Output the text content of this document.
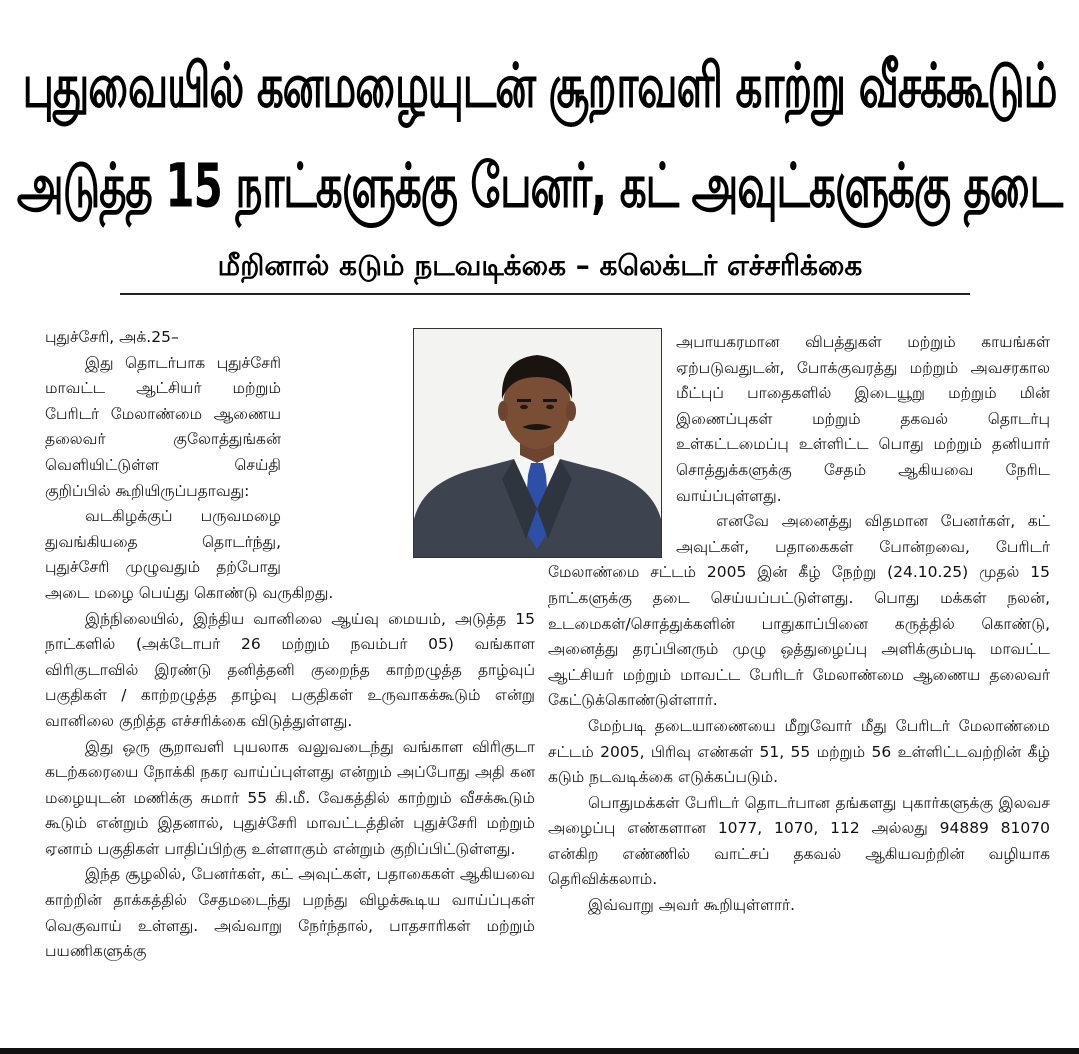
புதுவையில் கனமழையுடன் சூறாவளி காற்று வீசக்கூடும்
அடுத்த 15 நாட்களுக்கு பேனர், கட் அவுட்களுக்கு தடை
மீறினால் கடும் நடவடிக்கை – கலெக்டர் எச்சரிக்கை

புதுச்சேரி, அக்.25–

இது தொடர்பாக புதுச்சேரி மாவட்ட ஆட்சியர் மற்றும் பேரிடர் மேலாண்மை ஆணைய தலைவர் குலோத்துங்கன் வெளியிட்டுள்ள செய்தி குறிப்பில் கூறியிருப்பதாவது:

வடகிழக்குப் பருவமழை துவங்கியதை தொடர்ந்து, புதுச்சேரி முழுவதும் தற்போது அடை மழை பெய்து கொண்டு வருகிறது.

இந்நிலையில், இந்திய வானிலை ஆய்வு மையம், அடுத்த 15 நாட்களில் (அக்டோபர் 26 மற்றும் நவம்பர் 05) வங்காள விரிகுடாவில் இரண்டு தனித்தனி குறைந்த காற்றழுத்த தாழ்வுப் பகுதிகள் / காற்றழுத்த தாழ்வு பகுதிகள் உருவாகக்கூடும் என்று வானிலை குறித்த எச்சரிக்கை விடுத்துள்ளது.

இது ஒரு சூறாவளி புயலாக வலுவடைந்து வங்காள விரிகுடா கடற்கரையை நோக்கி நகர வாய்ப்புள்ளது என்றும் அப்போது அதி கன மழையுடன் மணிக்கு சுமார் 55 கி.மீ. வேகத்தில் காற்றும் வீசக்கூடும் கூடும் என்றும் இதனால், புதுச்சேரி மாவட்டத்தின் புதுச்சேரி மற்றும் ஏனாம் பகுதிகள் பாதிப்பிற்கு உள்ளாகும் என்றும் குறிப்பிட்டுள்ளது.

இந்த சூழலில், பேனர்கள், கட் அவுட்கள், பதாகைகள் ஆகியவை காற்றின் தாக்கத்தில் சேதமடைந்து பறந்து விழக்கூடிய வாய்ப்புகள் வெகுவாய் உள்ளது. அவ்வாறு நேர்ந்தால், பாதசாரிகள் மற்றும் பயணிகளுக்கு

அபாயகரமான விபத்துகள் மற்றும் காயங்கள் ஏற்படுவதுடன், போக்குவரத்து மற்றும் அவசரகால மீட்புப் பாதைகளில் இடையூறு மற்றும் மின் இணைப்புகள் மற்றும் தகவல் தொடர்பு உள்கட்டமைப்பு உள்ளிட்ட பொது மற்றும் தனியார் சொத்துக்களுக்கு சேதம் ஆகியவை நேரிட வாய்ப்புள்ளது.

எனவே அனைத்து விதமான பேனர்கள், கட் அவுட்கள், பதாகைகள் போன்றவை, பேரிடர் மேலாண்மை சட்டம் 2005 இன் கீழ் நேற்று (24.10.25) முதல் 15 நாட்களுக்கு தடை செய்யப்பட்டுள்ளது. பொது மக்கள் நலன், உடமைகள்/சொத்துக்களின் பாதுகாப்பினை கருத்தில் கொண்டு, அனைத்து தரப்பினரும் முழு ஒத்துழைப்பு அளிக்கும்படி மாவட்ட ஆட்சியர் மற்றும் மாவட்ட பேரிடர் மேலாண்மை ஆணைய தலைவர் கேட்டுக்கொண்டுள்ளார்.

மேற்படி தடையாணையை மீறுவோர் மீது பேரிடர் மேலாண்மை சட்டம் 2005, பிரிவு எண்கள் 51, 55 மற்றும் 56 உள்ளிட்டவற்றின் கீழ் கடும் நடவடிக்கை எடுக்கப்படும்.

பொதுமக்கள் பேரிடர் தொடர்பான தங்களது புகார்களுக்கு இலவச அழைப்பு எண்களான 1077, 1070, 112 அல்லது 94889 81070 என்கிற எண்ணில் வாட்சப் தகவல் ஆகியவற்றின் வழியாக தெரிவிக்கலாம்.

இவ்வாறு அவர் கூறியுள்ளார்.
